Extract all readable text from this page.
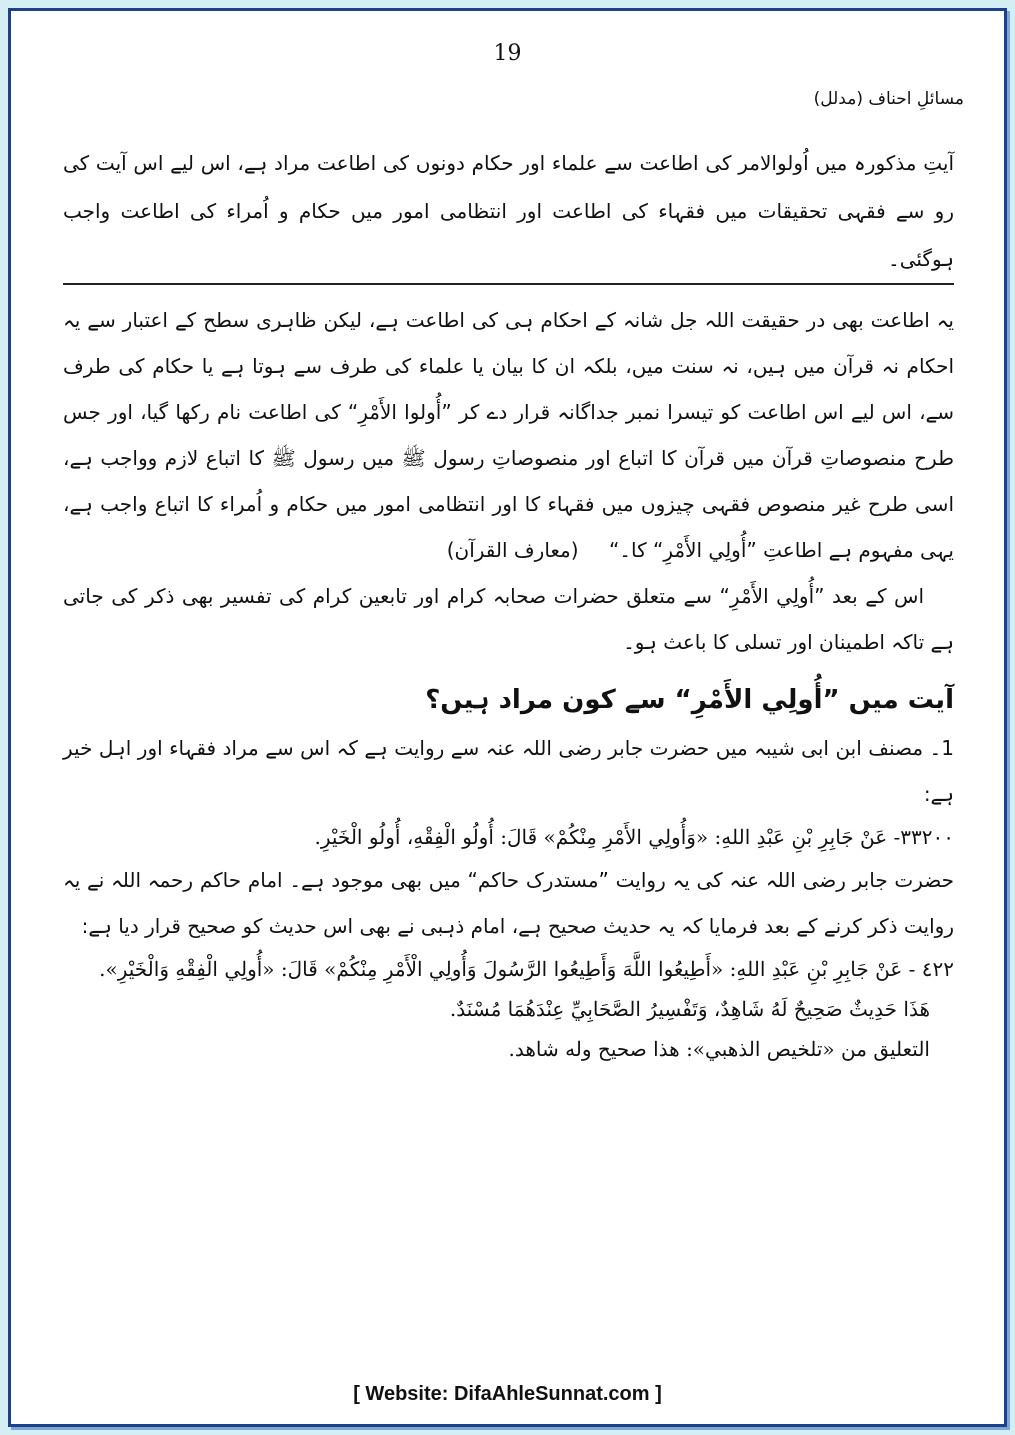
19
مسائلِ احناف (مدلل)

آیتِ مذکورہ میں اُولوالامر کی اطاعت سے علماء اور حکام دونوں کی اطاعت مراد ہے، اس لیے اس آیت کی رو سے فقہی تحقیقات میں فقہاء کی اطاعت اور انتظامی امور میں حکام و اُمراء کی اطاعت واجب ہوگئی۔

یہ اطاعت بھی در حقیقت اللہ جل شانہ کے احکام ہی کی اطاعت ہے، لیکن ظاہری سطح کے اعتبار سے یہ احکام نہ قرآن میں ہیں، نہ سنت میں، بلکہ ان کا بیان یا علماء کی طرف سے ہوتا ہے یا حکام کی طرف سے، اس لیے اس اطاعت کو تیسرا نمبر جداگانہ قرار دے کر ”أُولوا الأَمْرِ“ کی اطاعت نام رکھا گیا، اور جس طرح منصوصاتِ قرآن میں قرآن کا اتباع اور منصوصاتِ رسول ﷺ میں رسول ﷺ کا اتباع لازم وواجب ہے، اسی طرح غیر منصوص فقہی چیزوں میں فقہاء کا اور انتظامی امور میں حکام و اُمراء کا اتباع واجب ہے، یہی مفہوم ہے اطاعتِ ”أُولِي الأَمْرِ“ کا۔“ (معارف القرآن)

اس کے بعد ”أُولِي الأَمْرِ“ سے متعلق حضرات صحابہ کرام اور تابعین کرام کی تفسیر بھی ذکر کی جاتی ہے تاکہ اطمینان اور تسلی کا باعث ہو۔

آیت میں ”أُولِي الأَمْرِ“ سے کون مراد ہیں؟

1۔ مصنف ابن ابی شیبہ میں حضرت جابر رضی اللہ عنہ سے روایت ہے کہ اس سے مراد فقہاء اور اہل خیر ہے:

٣٣٢٠٠- عَنْ جَابِرِ بْنِ عَبْدِ اللهِ: «وَأُولِي الأَمْرِ مِنْكُمْ» قَالَ: أُولُو الْفِقْهِ، أُولُو الْخَيْرِ.

حضرت جابر رضی اللہ عنہ کی یہ روایت ”مستدرک حاکم“ میں بھی موجود ہے۔ امام حاکم رحمہ اللہ نے یہ روایت ذکر کرنے کے بعد فرمایا کہ یہ حدیث صحیح ہے، امام ذہبی نے بھی اس حدیث کو صحیح قرار دیا ہے:

٤٢٢ - عَنْ جَابِرِ بْنِ عَبْدِ اللهِ: «أَطِيعُوا اللَّهَ وَأَطِيعُوا الرَّسُولَ وَأُولِي الْأَمْرِ مِنْكُمْ» قَالَ: «أُولِي الْفِقْهِ وَالْخَيْرِ».

هَذَا حَدِيثٌ صَحِيحٌ لَهُ شَاهِدٌ، وَتَفْسِيرُ الصَّحَابِيِّ عِنْدَهُمَا مُسْنَدٌ.

التعليق من «تلخيص الذهبي»: هذا صحيح وله شاهد.

[ Website: DifaAhleSunnat.com ]
